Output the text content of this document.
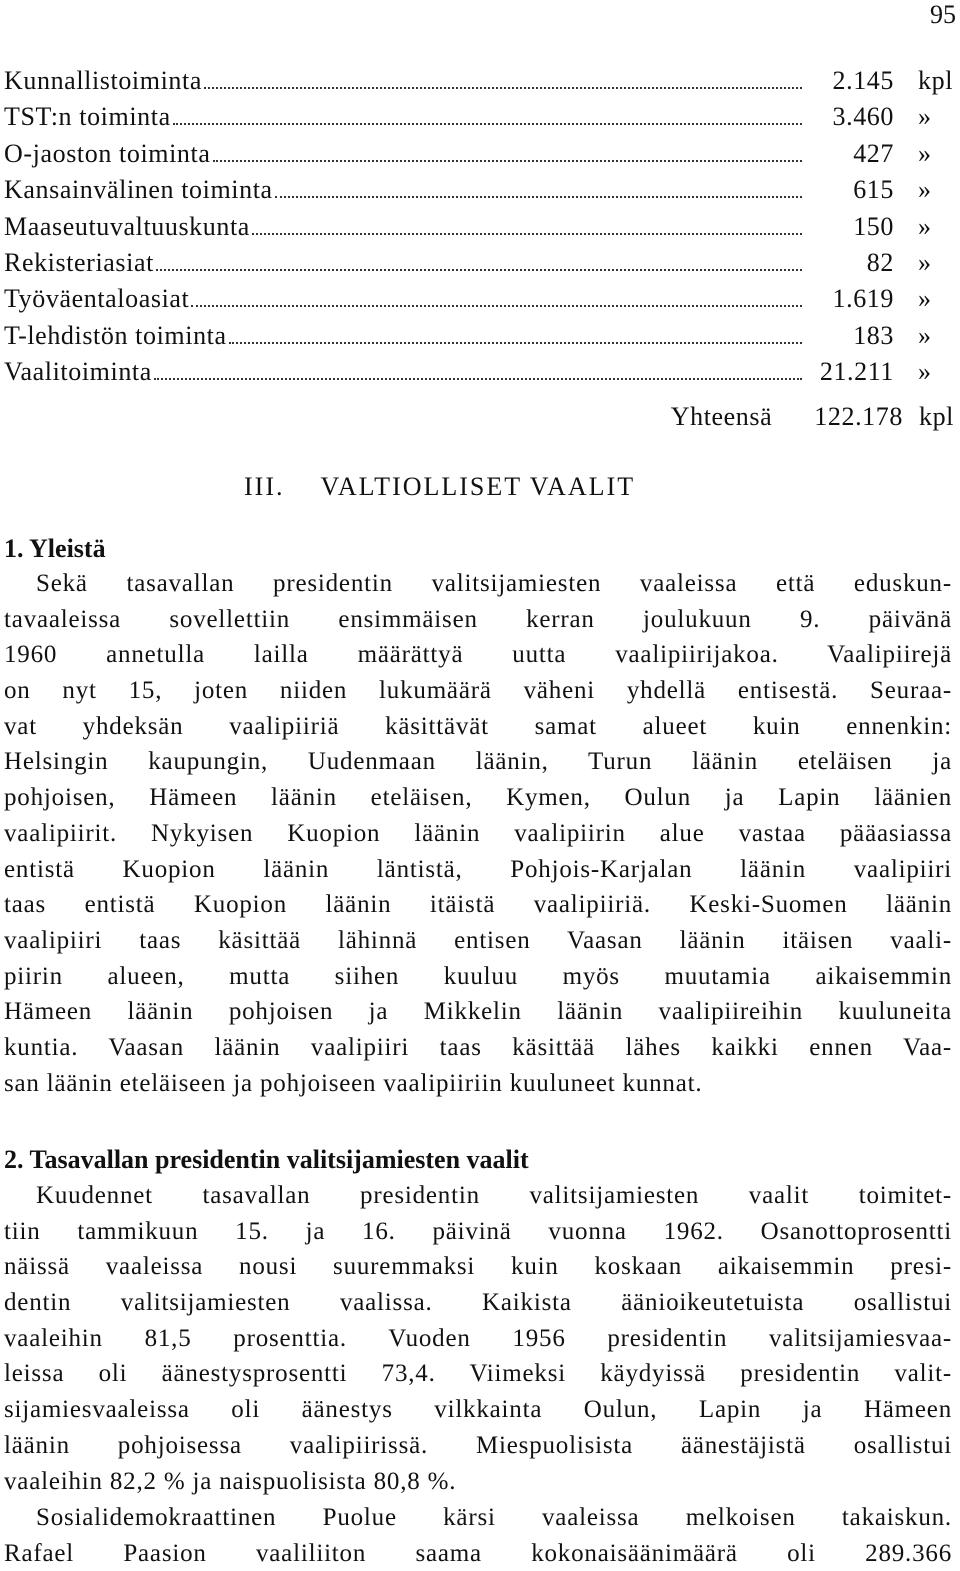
95
Kunnallistoiminta	2.145 kpl
TST:n toiminta	3.460 »
O-jaoston toiminta	427 »
Kansainvälinen toiminta	615 »
Maaseutuvaltuuskunta	150 »
Rekisteriasiat	82 »
Työväentaloasiat	1.619 »
T-lehdistön toiminta	183 »
Vaalitoiminta	21.211 »
Yhteensä 122.178 kpl
III. VALTIOLLISET VAALIT
1. Yleistä
Sekä tasavallan presidentin valitsijamiesten vaaleissa että eduskun-
tavaaleissa sovellettiin ensimmäisen kerran joulukuun 9. päivänä
1960 annetulla lailla määrättyä uutta vaalipiirijakoa. Vaalipiirejä
on nyt 15, joten niiden lukumäärä väheni yhdellä entisestä. Seuraa-
vat yhdeksän vaalipiiriä käsittävät samat alueet kuin ennenkin:
Helsingin kaupungin, Uudenmaan läänin, Turun läänin eteläisen ja
pohjoisen, Hämeen läänin eteläisen, Kymen, Oulun ja Lapin läänien
vaalipiirit. Nykyisen Kuopion läänin vaalipiirin alue vastaa pääasiassa
entistä Kuopion läänin läntistä, Pohjois-Karjalan läänin vaalipiiri
taas entistä Kuopion läänin itäistä vaalipiiriä. Keski-Suomen läänin
vaalipiiri taas käsittää lähinnä entisen Vaasan läänin itäisen vaali-
piirin alueen, mutta siihen kuuluu myös muutamia aikaisemmin
Hämeen läänin pohjoisen ja Mikkelin läänin vaalipiireihin kuuluneita
kuntia. Vaasan läänin vaalipiiri taas käsittää lähes kaikki ennen Vaa-
san läänin eteläiseen ja pohjoiseen vaalipiiriin kuuluneet kunnat.
2. Tasavallan presidentin valitsijamiesten vaalit
Kuudennet tasavallan presidentin valitsijamiesten vaalit toimitet-
tiin tammikuun 15. ja 16. päivinä vuonna 1962. Osanottoprosentti
näissä vaaleissa nousi suuremmaksi kuin koskaan aikaisemmin presi-
dentin valitsijamiesten vaalissa. Kaikista äänioikeutetuista osallistui
vaaleihin 81,5 prosenttia. Vuoden 1956 presidentin valitsijamiesvaa-
leissa oli äänestysprosentti 73,4. Viimeksi käydyissä presidentin valit-
sijamiesvaaleissa oli äänestys vilkkainta Oulun, Lapin ja Hämeen
läänin pohjoisessa vaalipiirissä. Miespuolisista äänestäjistä osallistui
vaaleihin 82,2 % ja naispuolisista 80,8 %.
Sosialidemokraattinen Puolue kärsi vaaleissa melkoisen takaiskun.
Rafael Paasion vaaliliiton saama kokonaisäänimäärä oli 289.366
